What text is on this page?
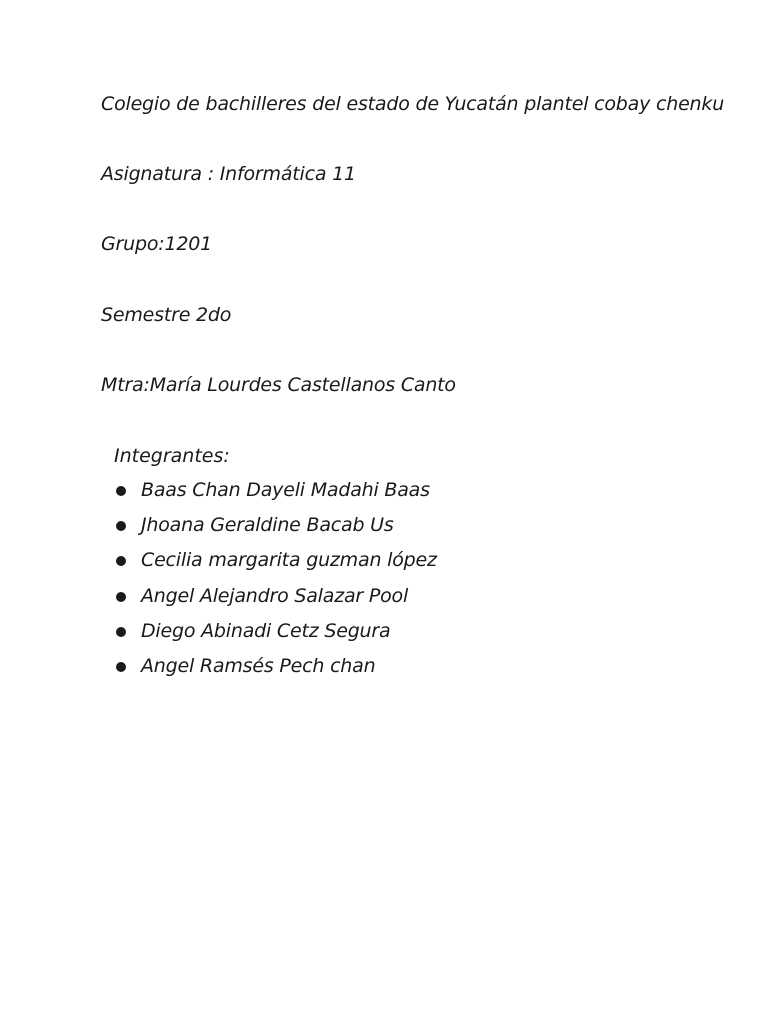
Colegio de bachilleres del estado de Yucatán plantel cobay chenku
Asignatura : Informática 11
Grupo:1201
Semestre 2do
Mtra:María Lourdes Castellanos Canto
Integrantes:
Baas Chan Dayeli Madahi Baas
Jhoana Geraldine Bacab Us
Cecilia margarita guzman lópez
Angel Alejandro Salazar Pool
Diego Abinadi Cetz Segura
Angel Ramsés Pech chan
